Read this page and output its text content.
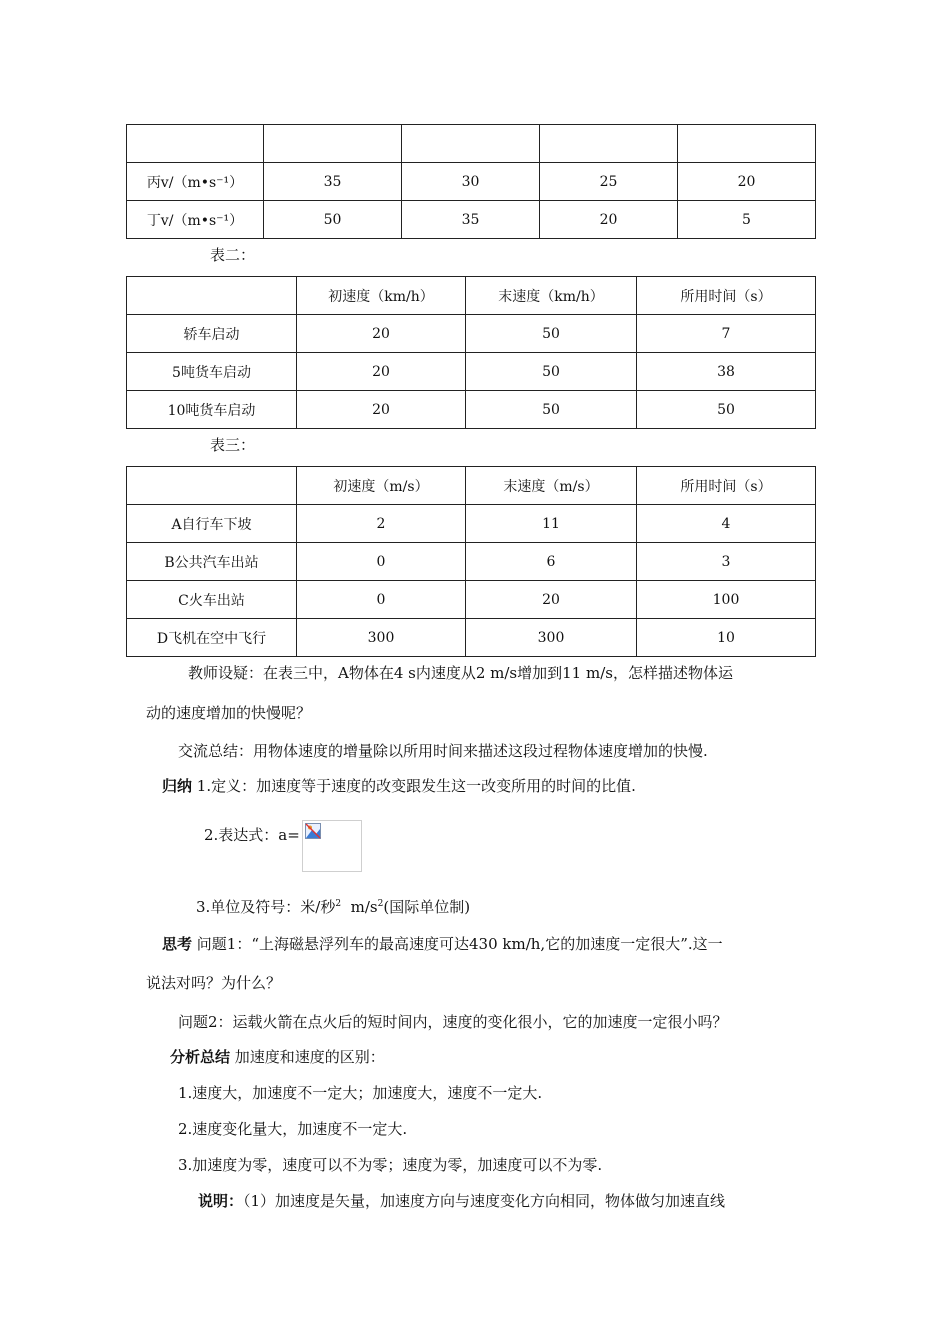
丙v/（m•s⁻¹）	35	30	25	20
丁v/（m•s⁻¹）	50	35	20	5
表二：
	初速度（km/h）	末速度（km/h）	所用时间（s）
轿车启动	20	50	7
5吨货车启动	20	50	38
10吨货车启动	20	50	50
表三：
	初速度（m/s）	末速度（m/s）	所用时间（s）
A自行车下坡	2	11	4
B公共汽车出站	0	6	3
C火车出站	0	20	100
D飞机在空中飞行	300	300	10
教师设疑：在表三中，A物体在4 s内速度从2 m/s增加到11 m/s，怎样描述物体运
动的速度增加的快慢呢？
交流总结：用物体速度的增量除以所用时间来描述这段过程物体速度增加的快慢.
归纳 1.定义：加速度等于速度的改变跟发生这一改变所用的时间的比值.
2.表达式：a=
3.单位及符号：米/秒$^2$  $m/s^2$(国际单位制)
思考 问题1：“上海磁悬浮列车的最高速度可达430 km/h,它的加速度一定很大”.这一
说法对吗？为什么？
问题2：运载火箭在点火后的短时间内，速度的变化很小，它的加速度一定很小吗？
分析总结 加速度和速度的区别：
1.速度大，加速度不一定大；加速度大，速度不一定大.
2.速度变化量大，加速度不一定大.
3.加速度为零，速度可以不为零；速度为零，加速度可以不为零.
说明：（1）加速度是矢量，加速度方向与速度变化方向相同，物体做匀加速直线
